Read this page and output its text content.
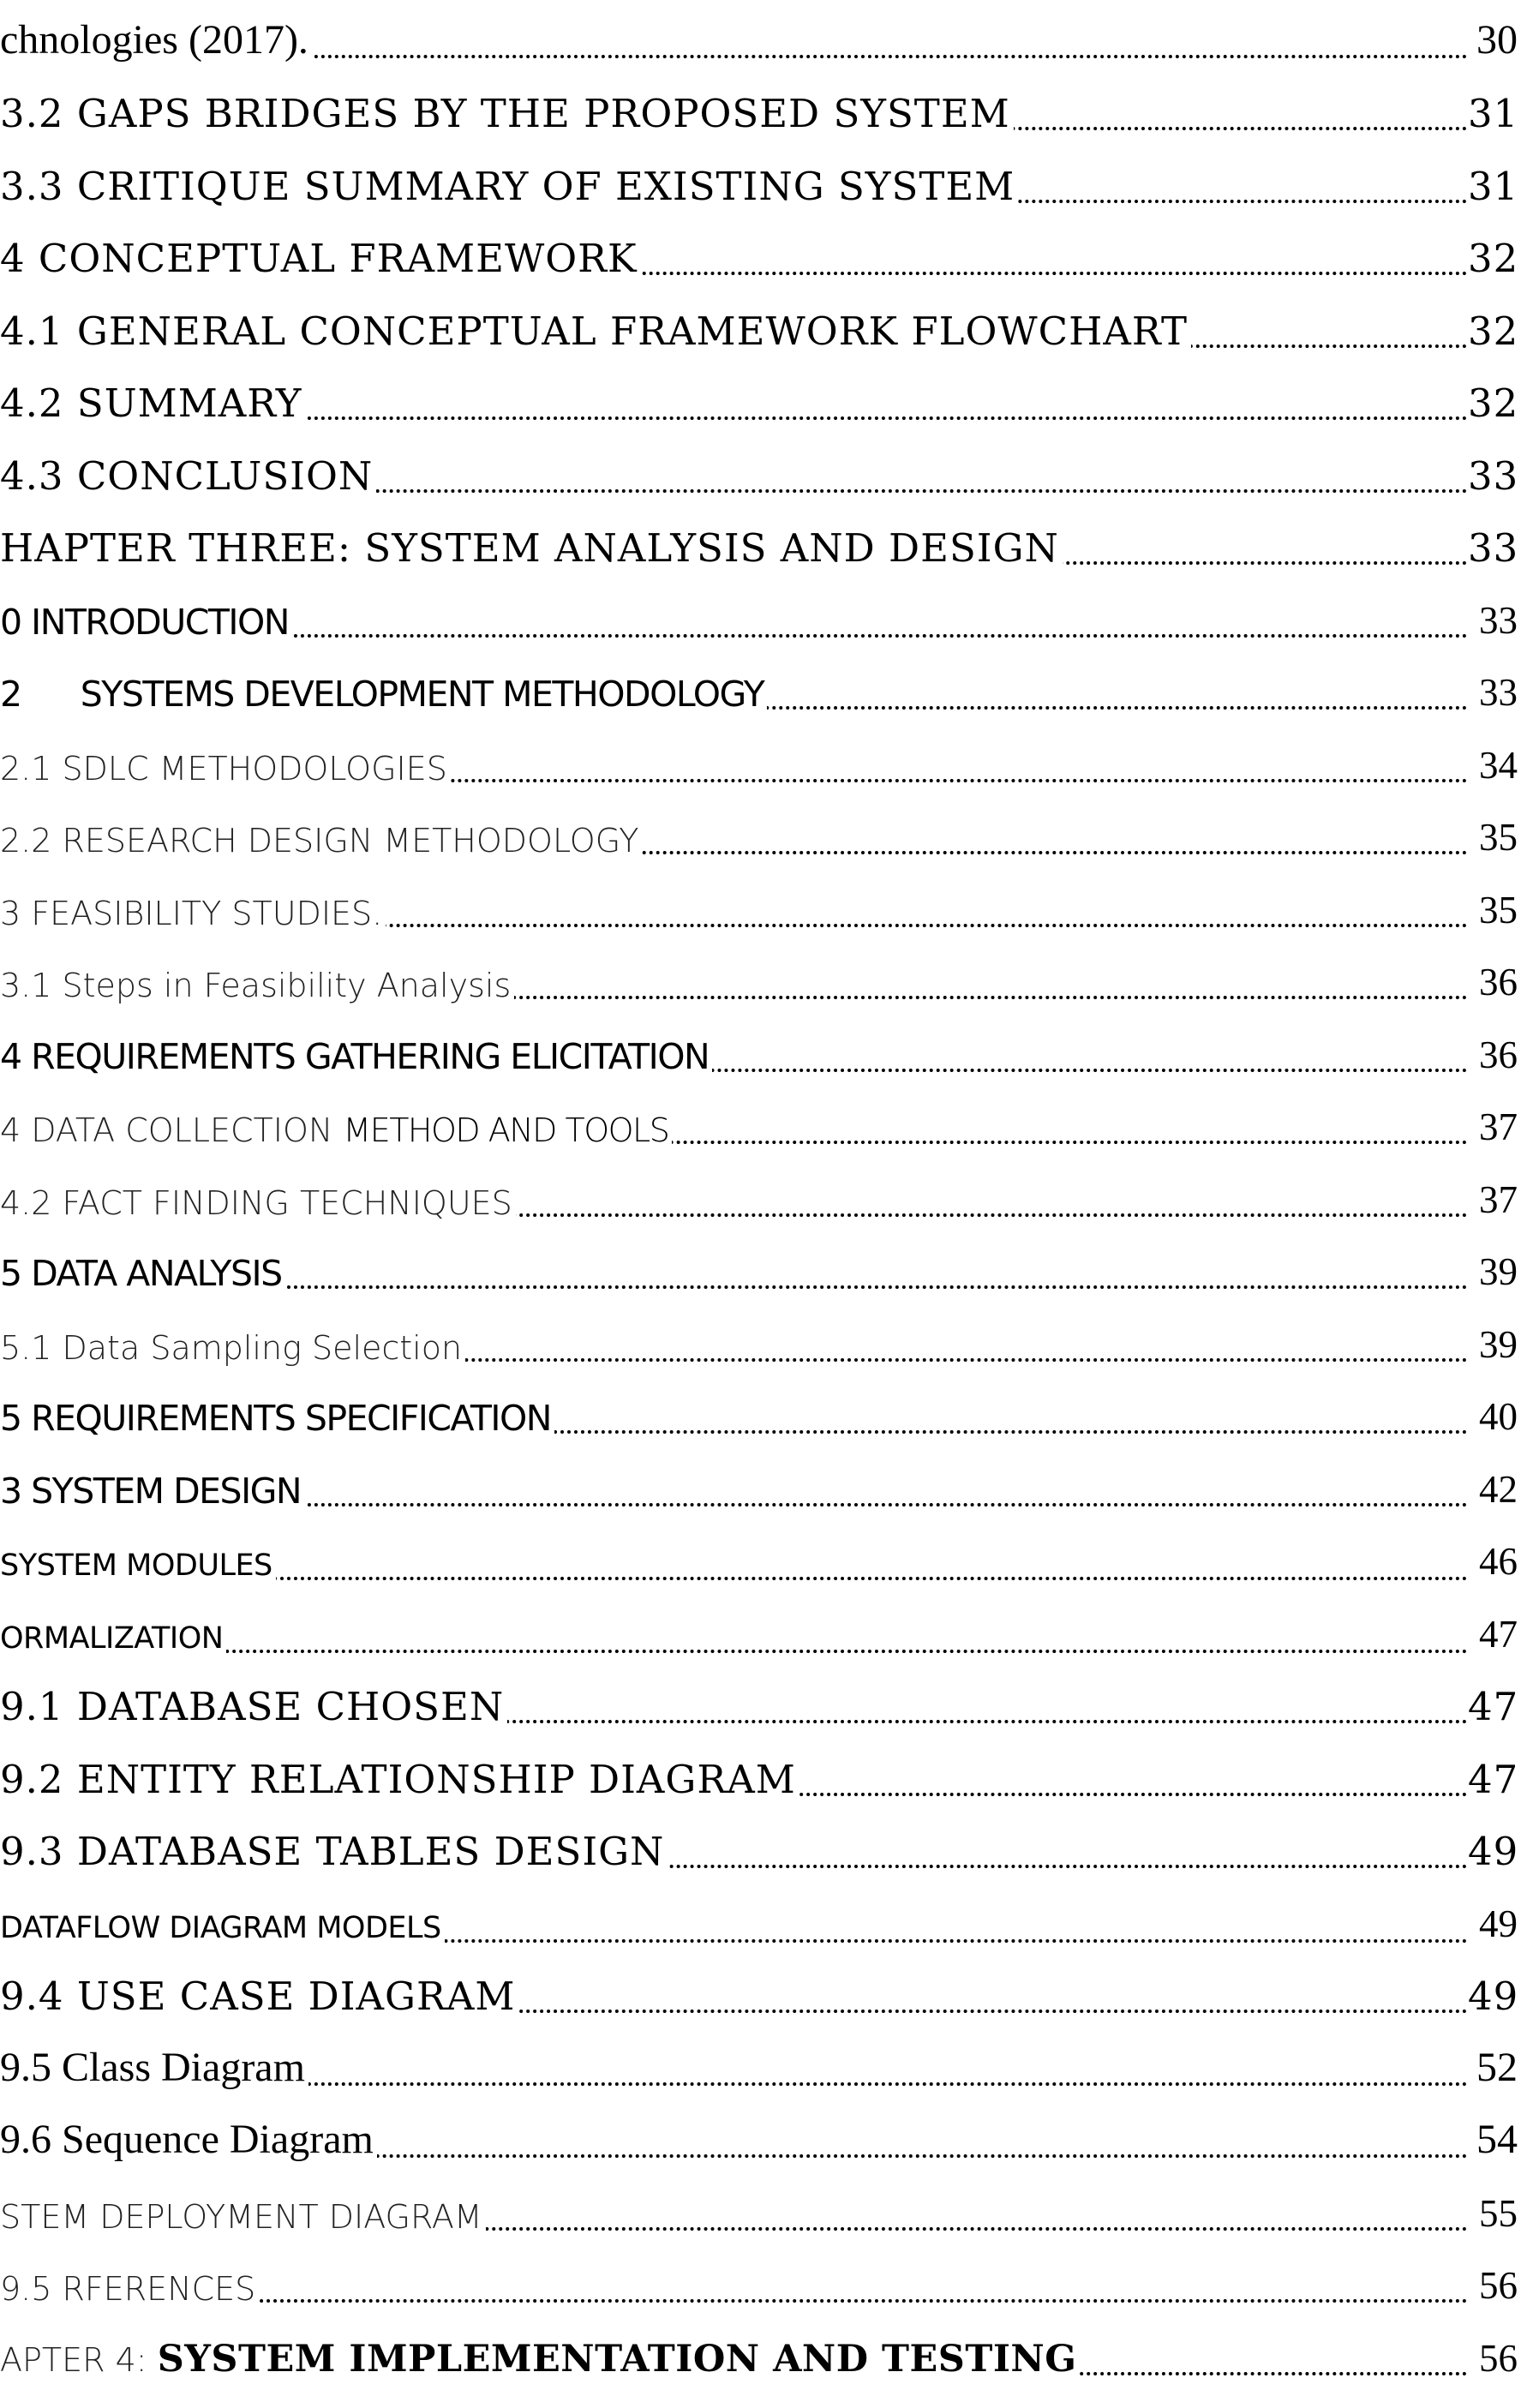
chnologies (2017).	30
3.2 GAPS BRIDGES BY THE PROPOSED SYSTEM	31
3.3 CRITIQUE SUMMARY OF EXISTING SYSTEM	31
4 CONCEPTUAL FRAMEWORK	32
4.1 GENERAL CONCEPTUAL FRAMEWORK FLOWCHART	32
4.2 SUMMARY	32
4.3 CONCLUSION	33
HAPTER THREE: SYSTEM ANALYSIS AND DESIGN	33
0 INTRODUCTION	33
2      SYSTEMS DEVELOPMENT METHODOLOGY	33
2.1 SDLC METHODOLOGIES	34
2.2 RESEARCH DESIGN METHODOLOGY	35
3 FEASIBILITY STUDIES.	35
3.1 Steps in Feasibility Analysis	36
4 REQUIREMENTS GATHERING ELICITATION	36
4 DATA COLLECTION METHOD AND TOOLS	37
4.2 FACT FINDING TECHNIQUES	37
5 DATA ANALYSIS	39
5.1 Data Sampling Selection	39
5 REQUIREMENTS SPECIFICATION	40
3 SYSTEM DESIGN	42
SYSTEM MODULES	46
ORMALIZATION	47
9.1 DATABASE CHOSEN	47
9.2 ENTITY RELATIONSHIP DIAGRAM	47
9.3 DATABASE TABLES DESIGN	49
DATAFLOW DIAGRAM MODELS	49
9.4 USE CASE DIAGRAM	49
9.5 Class Diagram	52
9.6 Sequence Diagram	54
STEM DEPLOYMENT DIAGRAM	55
9.5 RFERENCES	56
APTER 4: SYSTEM IMPLEMENTATION AND TESTING	56
